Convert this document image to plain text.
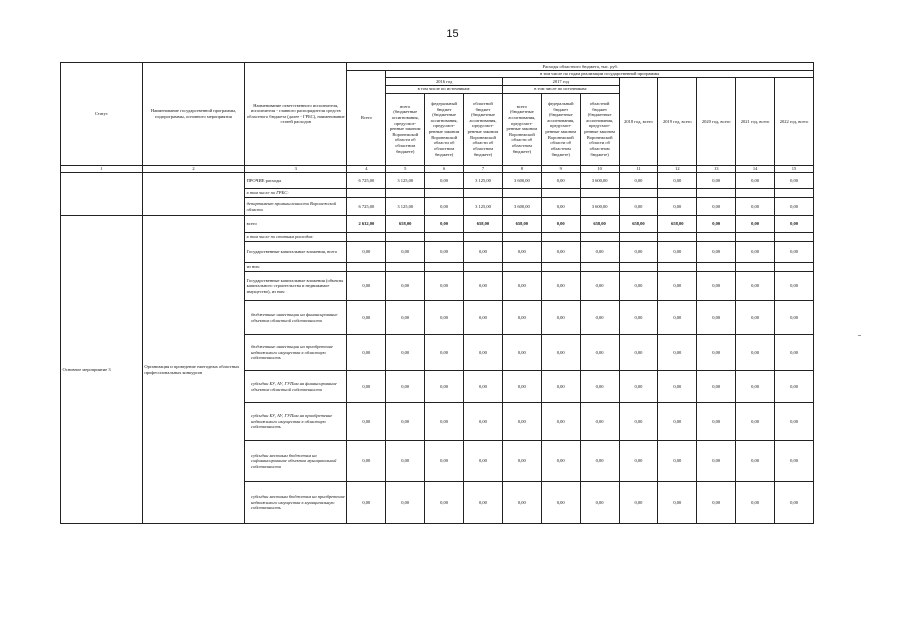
15
Статус	Наименование государственной программы, подпрограммы, основного мероприятия	Наименование ответственного исполнителя, исполнителя - главного распорядителя средств областного бюджета (далее - ГРБС), наименование статей расходов	Расходы областного бюджета, тыс. руб.											
			Всего	в том числе по годам реализации государственной программы										
				2016 год			2017 год			2018 год, всего	2019 год, всего	2020 год, всего	2021 год, всего	2022 год, всего
				в том числе по источникам:			в том числе по источникам:							
				всего (бюджетные ассигнования, предусмот-ренные законом Воронежской области об областном бюджете)	федеральный бюджет (бюджетные ассигнования, предусмот-ренные законом Воронежской области об областном бюджете)	областной бюджет (бюджетные ассигнования, предусмот-ренные законом Воронежской области об областном бюджете)	всего (бюджетные ассигнования, предусмот-ренные законом Воронежской области об областном бюджете)	федеральный бюджет (бюджетные ассигнования, предусмот-ренные законом Воронежской области об областном бюджете)	областной бюджет (бюджетные ассигнования, предусмот-ренные законом Воронежской области об областном бюджете)					
1	2	3	4	5	6	7	8	9	10	11	12	13	14	15
		ПРОЧИЕ расходы	6 725,00	3 125,00	0,00	3 125,00	3 600,00	0,00	3 600,00	0,00	0,00	0,00	0,00	0,00
		в том числе по ГРБС:												
		департамент промышленности Воронежской области	6 725,00	3 125,00	0,00	3 125,00	3 600,00	0,00	3 600,00	0,00	0,00	0,00	0,00	0,00
Основное мероприятие 3	Организация и проведение ежегодных областных профессиональных конкурсов	всего	2 632,00	658,00	0,00	658,00	658,00	0,00	658,00	658,00	658,00	0,00	0,00	0,00
		в том числе по статьям расходов:												
		Государственные капитальные вложения, всего	0,00	0,00	0,00	0,00	0,00	0,00	0,00	0,00	0,00	0,00	0,00	0,00
		из них:												
		Государственные капитальные вложения (объекты капитального строительства и недвижимое имущество), из них:	0,00	0,00	0,00	0,00	0,00	0,00	0,00	0,00	0,00	0,00	0,00	0,00
		бюджетные инвестиции на финансирование объектов областной собственности	0,00	0,00	0,00	0,00	0,00	0,00	0,00	0,00	0,00	0,00	0,00	0,00
		бюджетные инвестиции на приобретение недвижимого имущества в областную собственность	0,00	0,00	0,00	0,00	0,00	0,00	0,00	0,00	0,00	0,00	0,00	0,00
		субсидии БУ, АУ, ГУПам на финансирование объектов областной собственности	0,00	0,00	0,00	0,00	0,00	0,00	0,00	0,00	0,00	0,00	0,00	0,00
		субсидии БУ, АУ, ГУПам на приобретение недвижимого имущества в областную собственность	0,00	0,00	0,00	0,00	0,00	0,00	0,00	0,00	0,00	0,00	0,00	0,00
		субсидии местным бюджетам на софинансирование объектов муниципальной собственности	0,00	0,00	0,00	0,00	0,00	0,00	0,00	0,00	0,00	0,00	0,00	0,00
		субсидии местным бюджетам на приобретение недвижимого имущества в муниципальную собственность	0,00	0,00	0,00	0,00	0,00	0,00	0,00	0,00	0,00	0,00	0,00	0,00
